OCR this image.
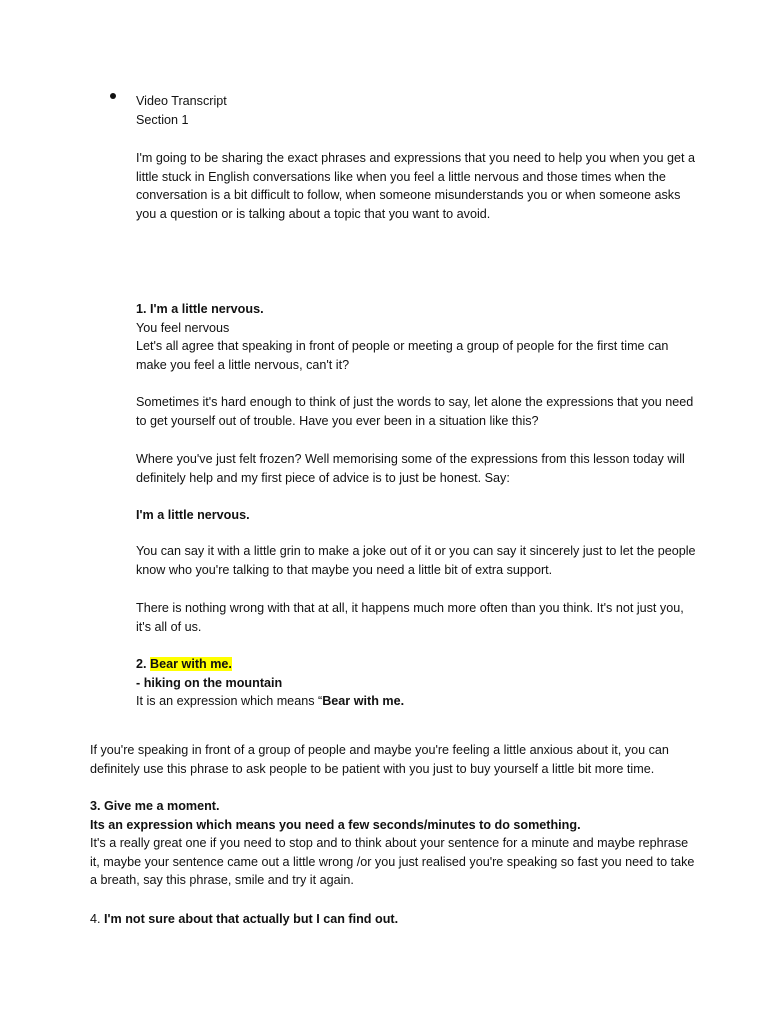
Video Transcript

Section 1

I'm going to be sharing the exact phrases and expressions that you need to help you when you get a little stuck in English conversations like when you feel a little nervous and those times when the conversation is a bit difficult to follow, when someone misunderstands you or when someone asks you a question or is talking about a topic that you want to avoid.

1. I'm a little nervous.

You feel nervous

Let's all agree that speaking in front of people or meeting a group of people for the first time can make you feel a little nervous, can't it?

Sometimes it's hard enough to think of just the words to say, let alone the expressions that you need to get yourself out of trouble. Have you ever been in a situation like this?

Where you've just felt frozen? Well memorising some of the expressions from this lesson today will definitely help and my first piece of advice is to just be honest. Say:

I'm a little nervous.

You can say it with a little grin to make a joke out of it or you can say it sincerely just to let the people know who you're talking to that maybe you need a little bit of extra support.

There is nothing wrong with that at all, it happens much more often than you think. It's not just you, it's all of us.

2. Bear with me.

- hiking on the mountain

It is an expression which means “Bear with me.

If you're speaking in front of a group of people and maybe you're feeling a little anxious about it, you can definitely use this phrase to ask people to be patient with you just to buy yourself a little bit more time.

3. Give me a moment.

Its an expression which means you need a few seconds/minutes to do something.

It's a really great one if you need to stop and to think about your sentence for a minute and maybe rephrase it, maybe your sentence came out a little wrong /or you just realised you're speaking so fast you need to take a breath, say this phrase, smile and try it again.

4. I'm not sure about that actually but I can find out.
